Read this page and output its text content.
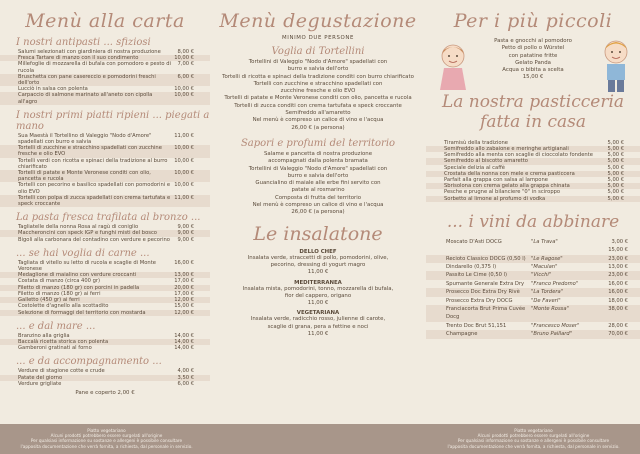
Menù alla carta
I nostri antipasti ... sfiziosi
Salumi selezionati con giardiniera di nostra produzione	8,00 €
Fresca Tartare di manzo con il suo condimento	10,00 €
Millefoglie di mozzarella di bufala con pomodoro e pesto di rucola
7,00 €
Bruschetta con pane casereccio e pomodorini freschi dell'orto
6,00 €
Lucciò in salsa con polenta	10,00 €
Carpaccio di salmone marinato all'aneto con cipolla all'agro
10,00 €
I nostri primi piatti ripieni ... piegati a mano
Sua Maestà il Tortellino di Valeggio "Nodo d'Amore" spadellati con burro e salvia
11,00 €
Tortelli di zucchine e stracchino spadellati con zucchine fresche e olio EVO
10,00 €
Tortelli verdi con ricotta e spinaci della tradizione al burro chiarificato
10,00 €
Tortelli di patate e Monte Veronese conditi con olio, pancetta e rucola
10,00 €
Tortelli con pecorino e basilico spadellati con pomodorini e olio EVO
10,00 €
Tortelli con polpa di zucca spadellati con crema tartufata e speck croccante
11,00 €
La pasta fresca trafilata al bronzo ...
Tagliatelle della nonna Rosa al ragù di coniglio	9,00 €
Maccheroncini con speck IGP e funghi misti del bosco	9,00 €
Bigoli alla carbonara del contadino con verdure e pecorino	9,00 €
... se hai voglia di carne ...
Tagliata di vitello su letto di rucola e scaglie di Monte Veronese
16,00 €
Medaglione di maialino con verdure croccanti	13,00 €
Costata di manzo (circa 400 gr)	17,00 €
Filetto di manzo (180 gr) con porcini in padella	20,00 €
Filetto di manzo (180 gr) ai ferri	17,00 €
Galletto (450 gr) ai ferri	12,00 €
Costolette d'agnello alla scottadito	15,00 €
Selezione di formaggi del territorio con mostarda	12,00 €
... e dal mare ...
Branzino alla griglia	14,00 €
Baccalà ricetta storica con polenta	14,00 €
Gamberoni gratinati al forno	14,00 €
... e da accompagnamento ...
Verdure di stagione cotte e crude	4,00 €
Patate del giorno	3,50 €
Verdure grigliate	6,00 €
Pane e coperto 2,00 €
Menù degustazione
MINIMO DUE PERSONE
Voglia di Tortellini
Tortellini di Valeggio "Nodo d'Amore" spadellati con
burro e salvia dell'orto
Tortelli di ricotta e spinaci della tradizione conditi con burro chiarificato
Tortelli con zucchine e stracchino spadellati con
zucchine fresche e olio EVO
Tortelli di patate e Monte Veronese conditi con olio, pancetta e rucola
Tortelli di zucca conditi con crema tartufata e speck croccante
Semifreddo all'amaretto
Nel menù è compreso un calice di vino e l'acqua
26,00 € (a persona)
Sapori e profumi del territorio
Salame e pancetta di nostra produzione
accompagnati dalla polenta bramata
Tortellini di Valeggio "Nodo d'Amore" spadellati con
burro e salvia dell'orto
Guancialino di maiale alle erbe fini servito con
patate al rosmarino
Composta di frutta del territorio
Nel menù è compreso un calice di vino e l'acqua
26,00 € (a persona)
Le insalatone
DELLO CHEF
Insalata verde, straccetti di pollo, pomodorini, olive,
pecorino, dressing di yogurt magro
11,00 €
MEDITERRANEA
Insalata mista, pomodorini, tonno, mozzarella di bufala,
fior del cappero, origano
11,00 €
VEGETARIANA
Insalata verde, radicchio rosso, julienne di carote,
scaglie di grana, pera a fettine e noci
11,00 €
Per i più piccoli
Pasta e gnocchi al pomodoro
Petto di pollo o Würstel
con patatine fritte
Gelato Panda
Acqua o bibita a scelta
15,00 €
La nostra pasticceria
fatta in casa
Tiramisù della tradizione	5,00 €
Semifreddo allo zabaione e meringhe artigianali	5,00 €
Semifreddo alla menta con scaglie di cioccolato fondente	5,00 €
Semifreddo al biscotto amaretto	5,00 €
Speciale delizia al caffè	5,00 €
Crostata della nonna con mele e crema pasticcera	5,00 €
Parfait alla grappa con salsa al lampone	5,00 €
Sbrisolona con crema gelato alla grappa chinata	5,00 €
Pesche e prugne al bilanciere "0" in sciroppo	5,00 €
Sorbetto al limone al profumo di vodka	5,00 €
... i vini da abbinare
Moscato D'Asti DOCG	"La Trava"	3,00 € 15,00 €
Recioto Classico DOCG (0,50 l)	"Le Ragose"	23,00 €
Dindarello (0,375 l)	"Maculan"	13,00 €
Passito Le Cime (0,50 l)	"Vicchi"	23,00 €
Spumante Generale Extra Dry	"Franco Predomo"	16,00 €
Prosecco Doc Extra Dry Rivè	"La Tordera"	16,00 €
Prosecco Extra Dry DOCG	"De Faveri"	18,00 €
Franciacorta Brut Prima Cuvée Docg
"Monte Rossa"	38,00 €
Trento Doc Brut 51,151	"Francesco Moser"	28,00 €
Champagne	"Bruno Paillard"	70,00 €
Piatto vegetariano
Alcuni prodotti potrebbero essere surgelati all'origine
Per qualsiasi informazione su sostanze e allergeni è possibile consultare
l'apposita documentazione che verrà fornita, a richiesta, dal personale in servizio.
Piatto vegetariano
Alcuni prodotti potrebbero essere surgelati all'origine
Per qualsiasi informazione su sostanze e allergeni è possibile consultare
l'apposita documentazione che verrà fornita, a richiesta, dal personale in servizio.
